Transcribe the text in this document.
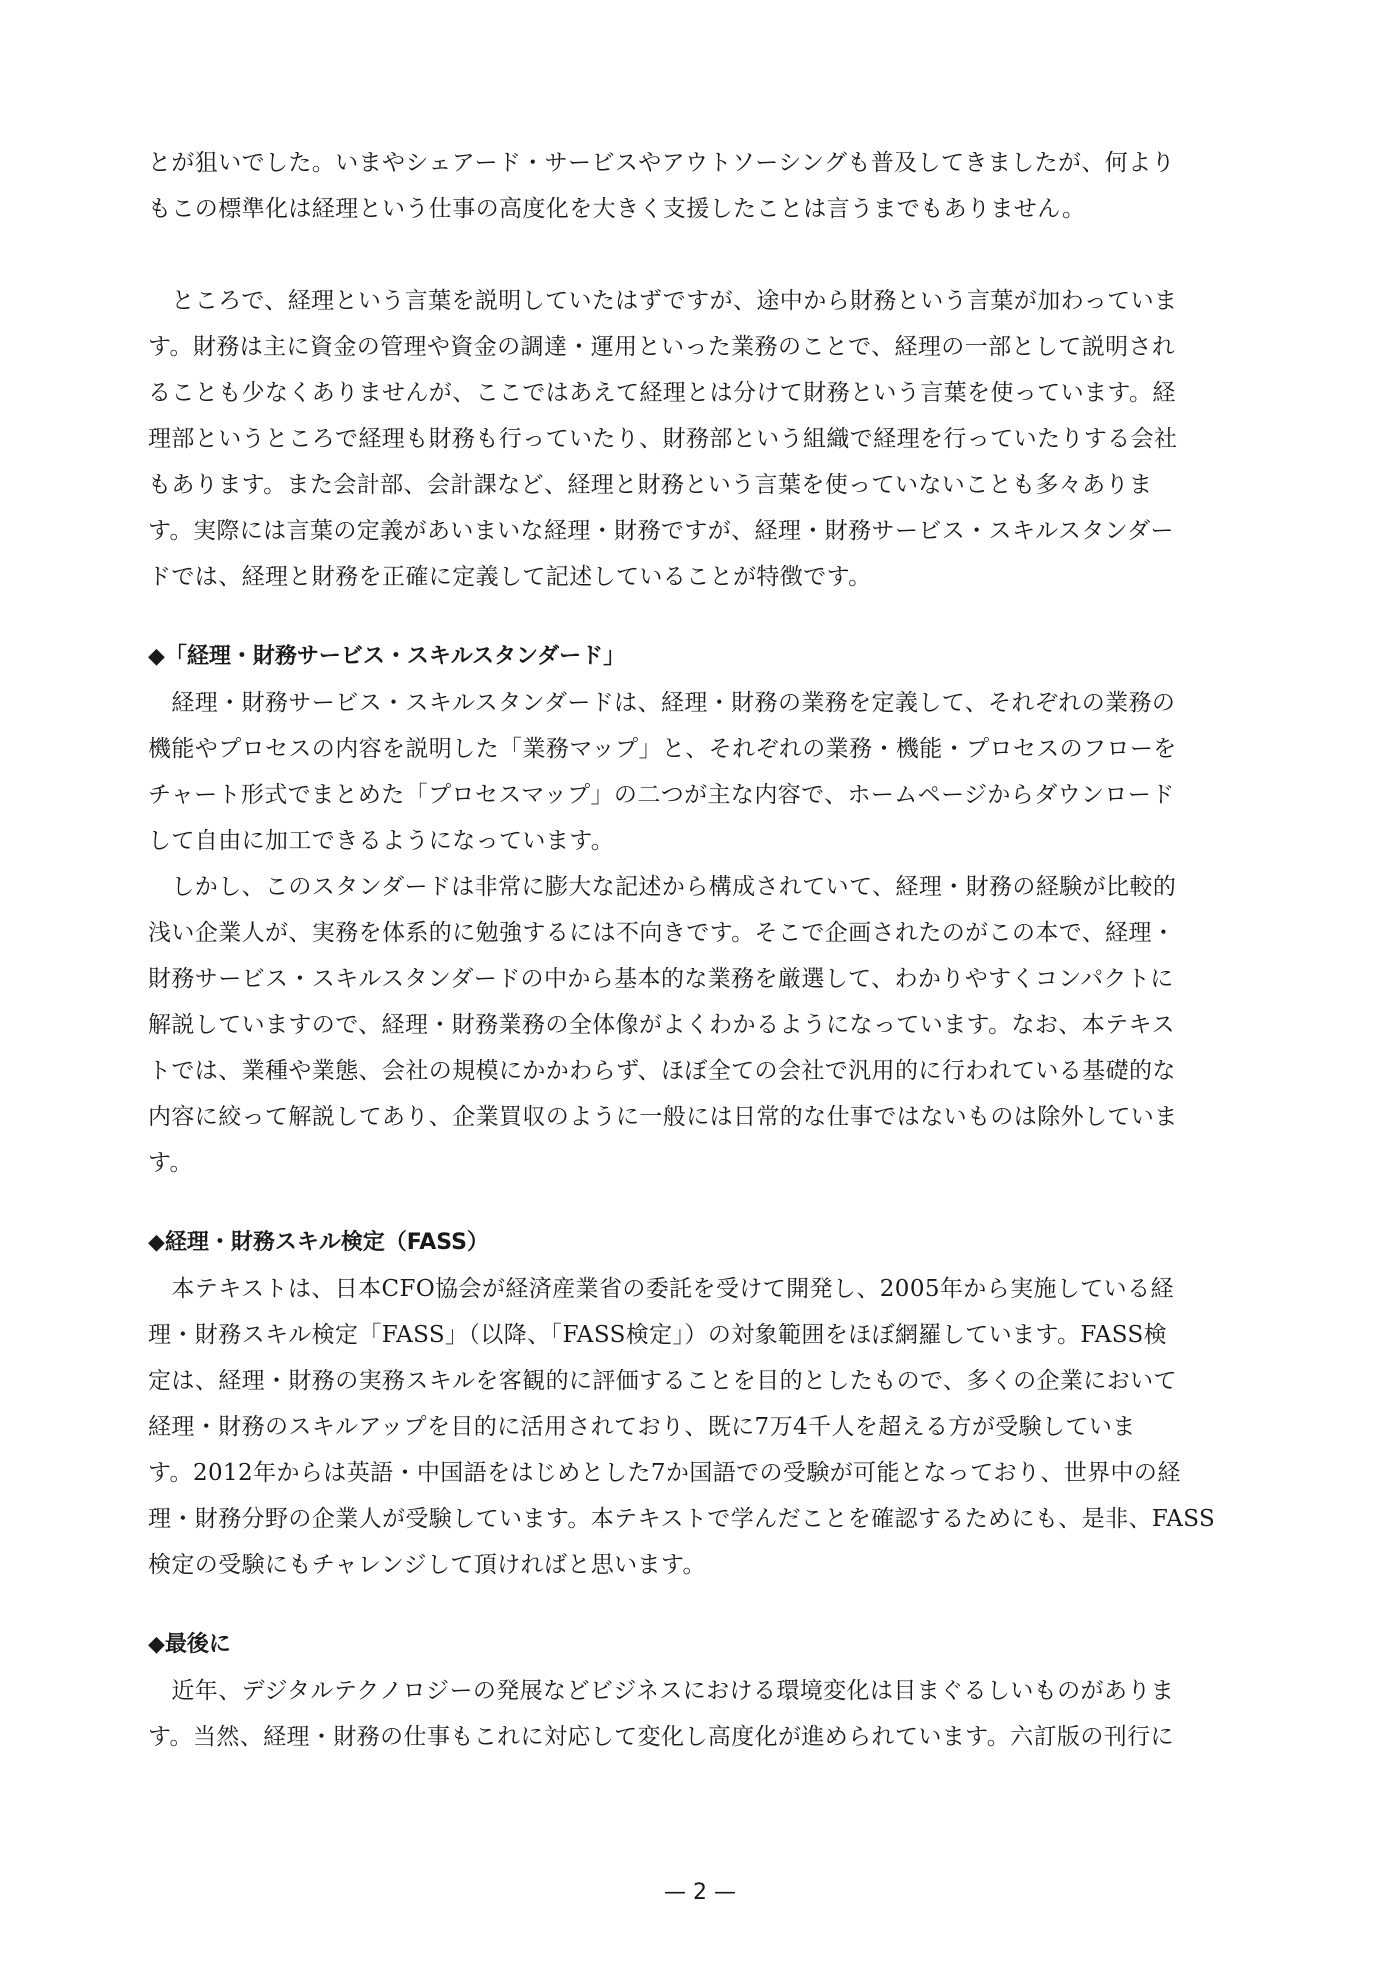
とが狙いでした。いまやシェアード・サービスやアウトソーシングも普及してきましたが、何より
もこの標準化は経理という仕事の高度化を大きく支援したことは言うまでもありません。
　ところで、経理という言葉を説明していたはずですが、途中から財務という言葉が加わっていま
す。財務は主に資金の管理や資金の調達・運用といった業務のことで、経理の一部として説明され
ることも少なくありませんが、ここではあえて経理とは分けて財務という言葉を使っています。経
理部というところで経理も財務も行っていたり、財務部という組織で経理を行っていたりする会社
もあります。また会計部、会計課など、経理と財務という言葉を使っていないことも多々ありま
す。実際には言葉の定義があいまいな経理・財務ですが、経理・財務サービス・スキルスタンダー
ドでは、経理と財務を正確に定義して記述していることが特徴です。
◆「経理・財務サービス・スキルスタンダード」
　経理・財務サービス・スキルスタンダードは、経理・財務の業務を定義して、それぞれの業務の
機能やプロセスの内容を説明した「業務マップ」と、それぞれの業務・機能・プロセスのフローを
チャート形式でまとめた「プロセスマップ」の二つが主な内容で、ホームページからダウンロード
して自由に加工できるようになっています。
　しかし、このスタンダードは非常に膨大な記述から構成されていて、経理・財務の経験が比較的
浅い企業人が、実務を体系的に勉強するには不向きです。そこで企画されたのがこの本で、経理・
財務サービス・スキルスタンダードの中から基本的な業務を厳選して、わかりやすくコンパクトに
解説していますので、経理・財務業務の全体像がよくわかるようになっています。なお、本テキス
トでは、業種や業態、会社の規模にかかわらず、ほぼ全ての会社で汎用的に行われている基礎的な
内容に絞って解説してあり、企業買収のように一般には日常的な仕事ではないものは除外していま
す。
◆経理・財務スキル検定（FASS）
　本テキストは、日本CFO協会が経済産業省の委託を受けて開発し、2005年から実施している経
理・財務スキル検定「FASS」（以降、「FASS検定」）の対象範囲をほぼ網羅しています。FASS検
定は、経理・財務の実務スキルを客観的に評価することを目的としたもので、多くの企業において
経理・財務のスキルアップを目的に活用されており、既に7万4千人を超える方が受験していま
す。2012年からは英語・中国語をはじめとした7か国語での受験が可能となっており、世界中の経
理・財務分野の企業人が受験しています。本テキストで学んだことを確認するためにも、是非、FASS
検定の受験にもチャレンジして頂ければと思います。
◆最後に
　近年、デジタルテクノロジーの発展などビジネスにおける環境変化は目まぐるしいものがありま
す。当然、経理・財務の仕事もこれに対応して変化し高度化が進められています。六訂版の刊行に
— 2 —
